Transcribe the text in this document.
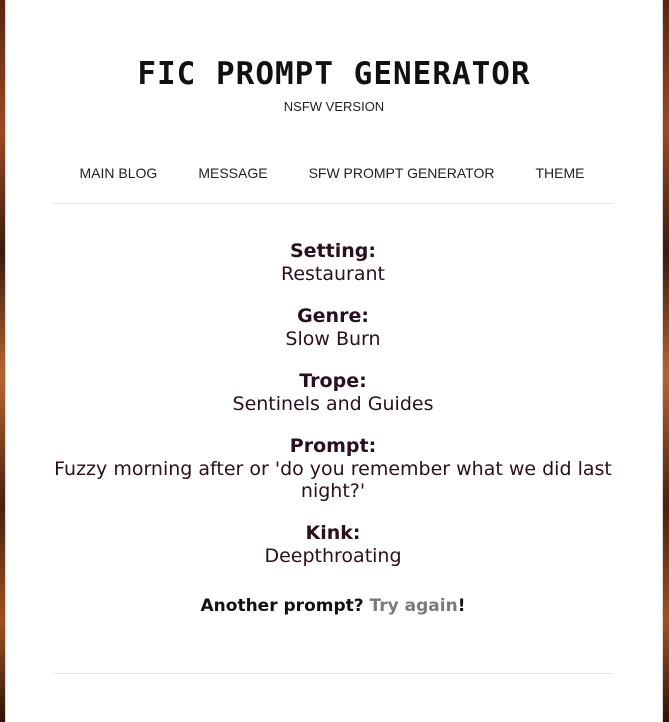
FIC PROMPT GENERATOR
NSFW VERSION
MAIN BLOG	MESSAGE	SFW PROMPT GENERATOR	THEME
Setting:
Restaurant
Genre:
Slow Burn
Trope:
Sentinels and Guides
Prompt:
Fuzzy morning after or 'do you remember what we did last night?'
Kink:
Deepthroating
Another prompt? Try again!
